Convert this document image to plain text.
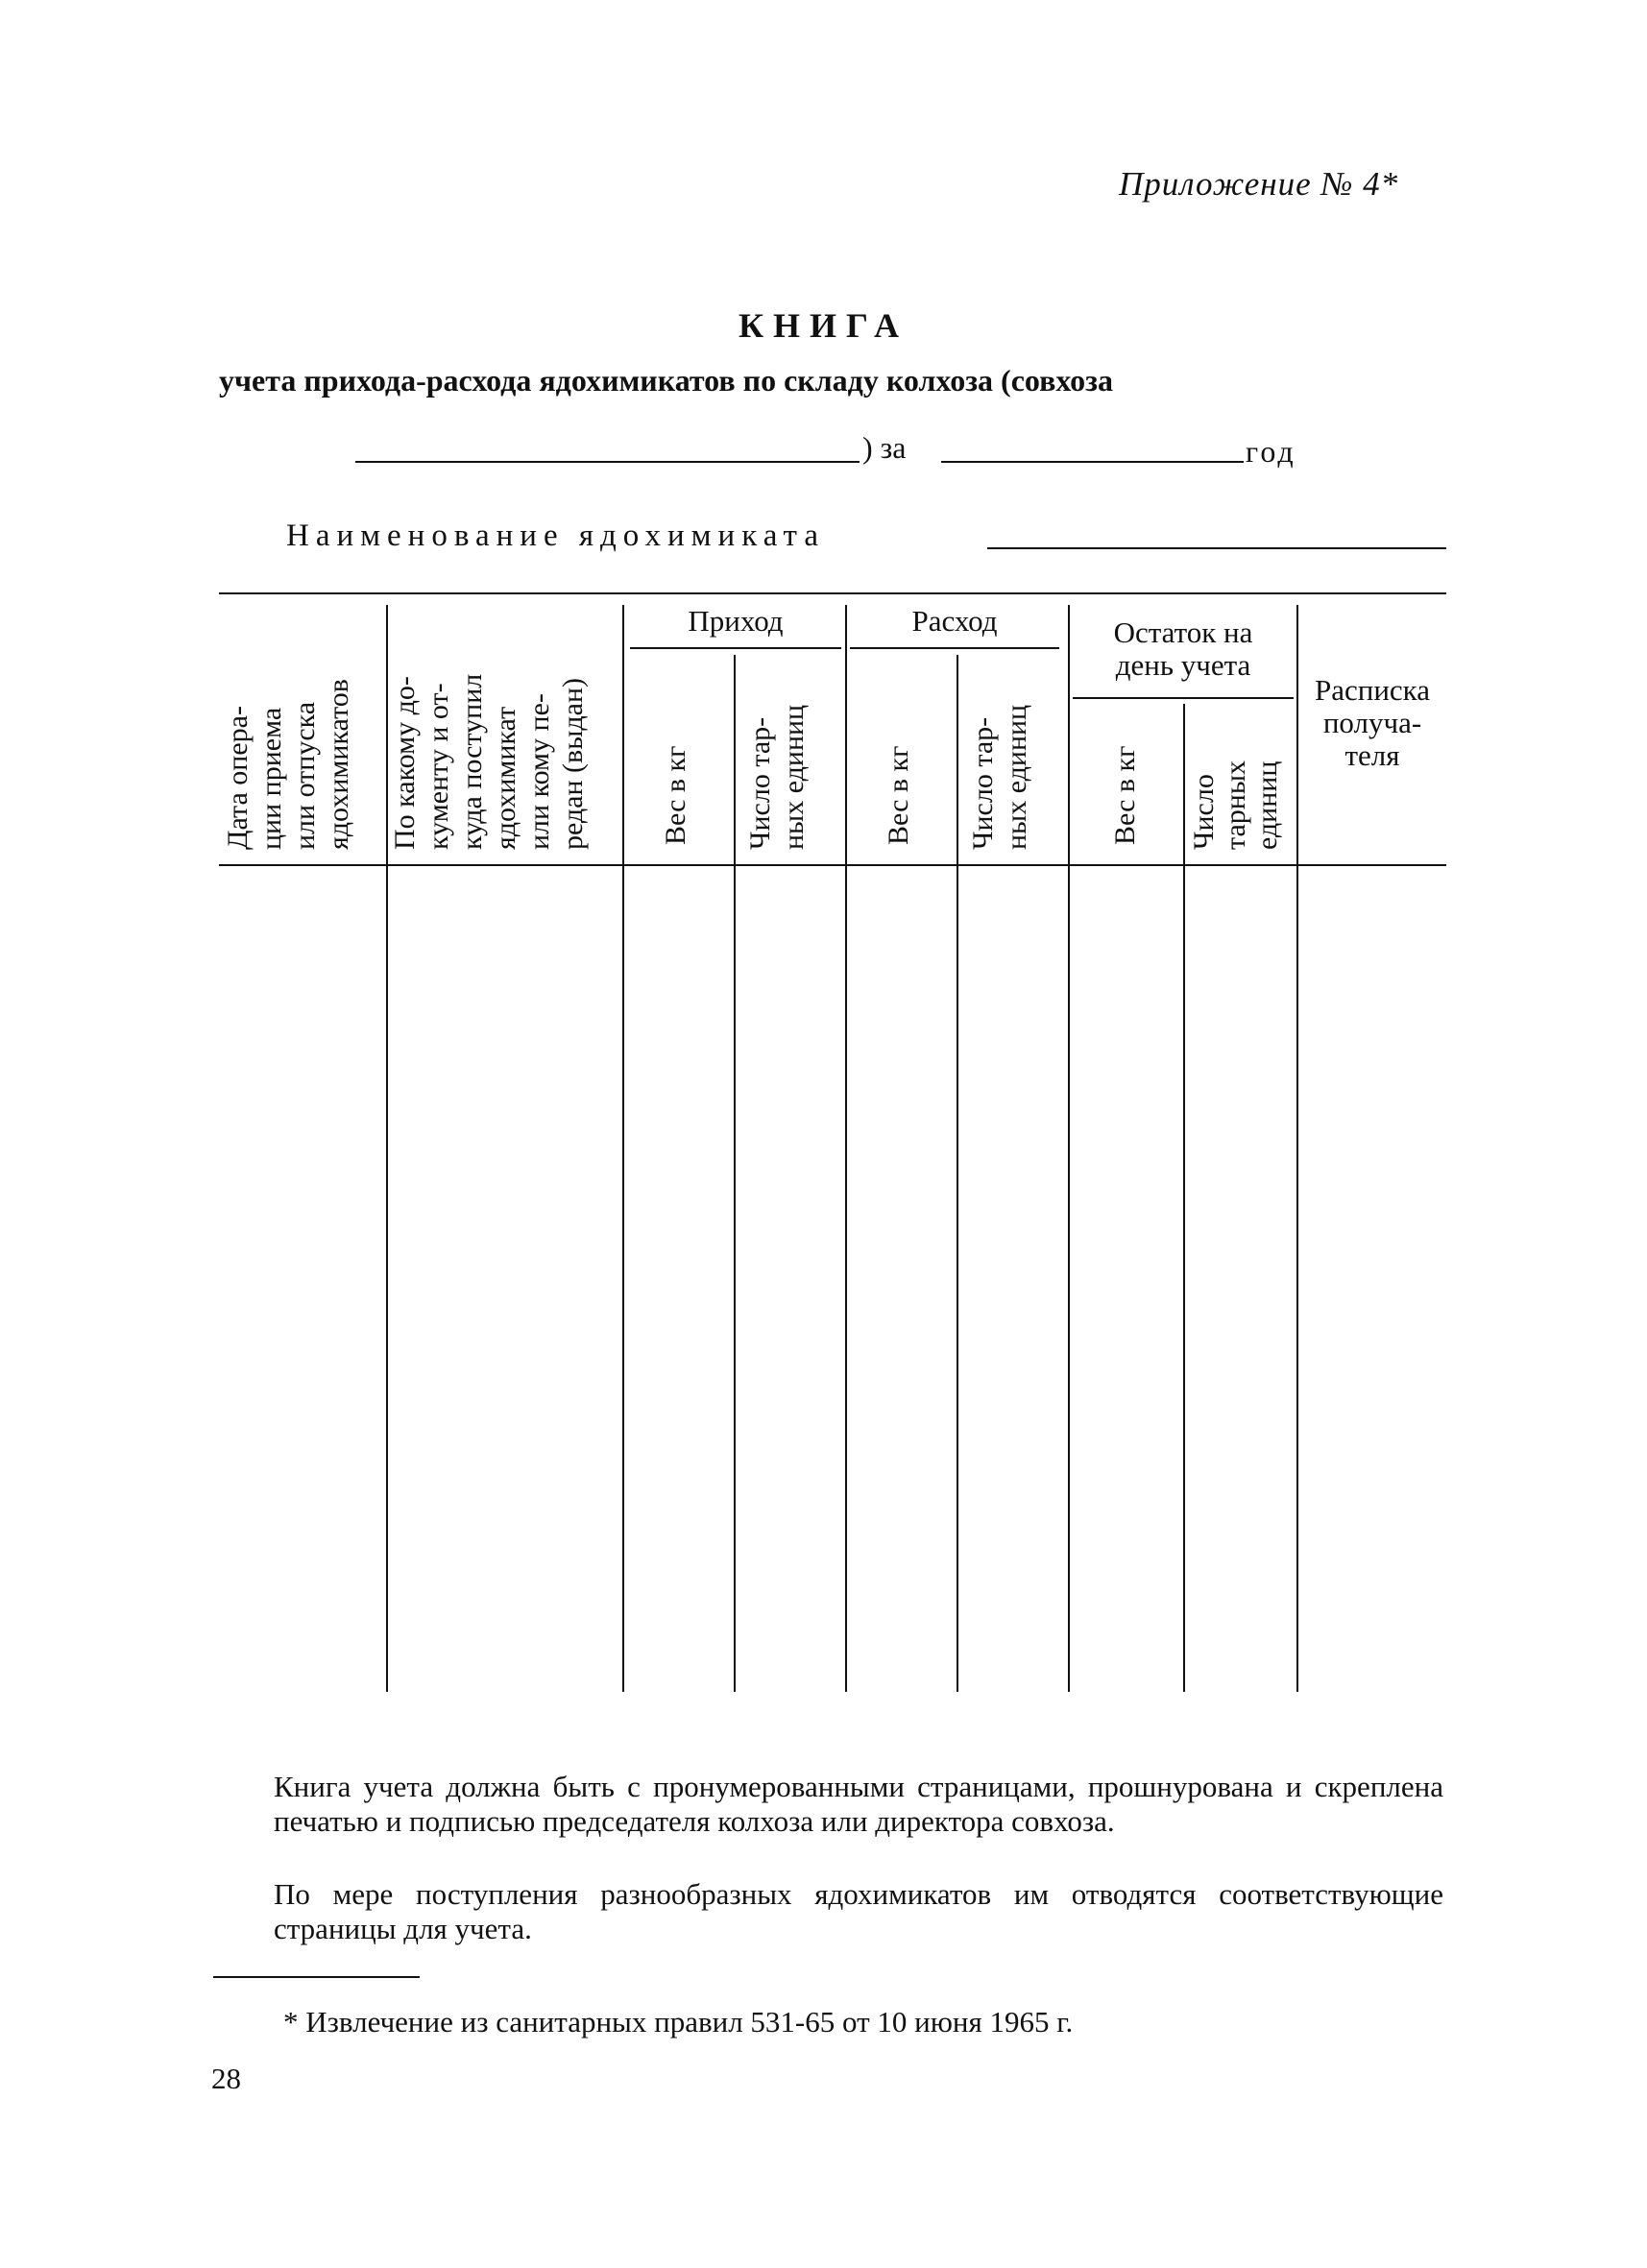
Приложение № 4*
КНИГА
учета прихода-расхода ядохимикатов по складу колхоза (совхоза
) за	год
Наименование ядохимиката
Дата опера- ции приема или отпуска ядохимикатов По какому до- кументу и от- куда поступил ядохимикат или кому пе- редан (выдан)
Приход
Вес в кг Число тар- ных единиц
Расход
Вес в кг Число тар- ных единиц
Остаток на
день учета
Вес в кг Число тарных единиц
Расписка
получа-
теля
Книга учета должна быть с пронумерованными страницами, прошнурована и скреплена печатью и подписью председателя колхоза или директора совхоза.
По мере поступления разнообразных ядохимикатов им отводятся соответствующие страницы для учета.
* Извлечение из санитарных правил 531-65 от 10 июня 1965 г.
28
